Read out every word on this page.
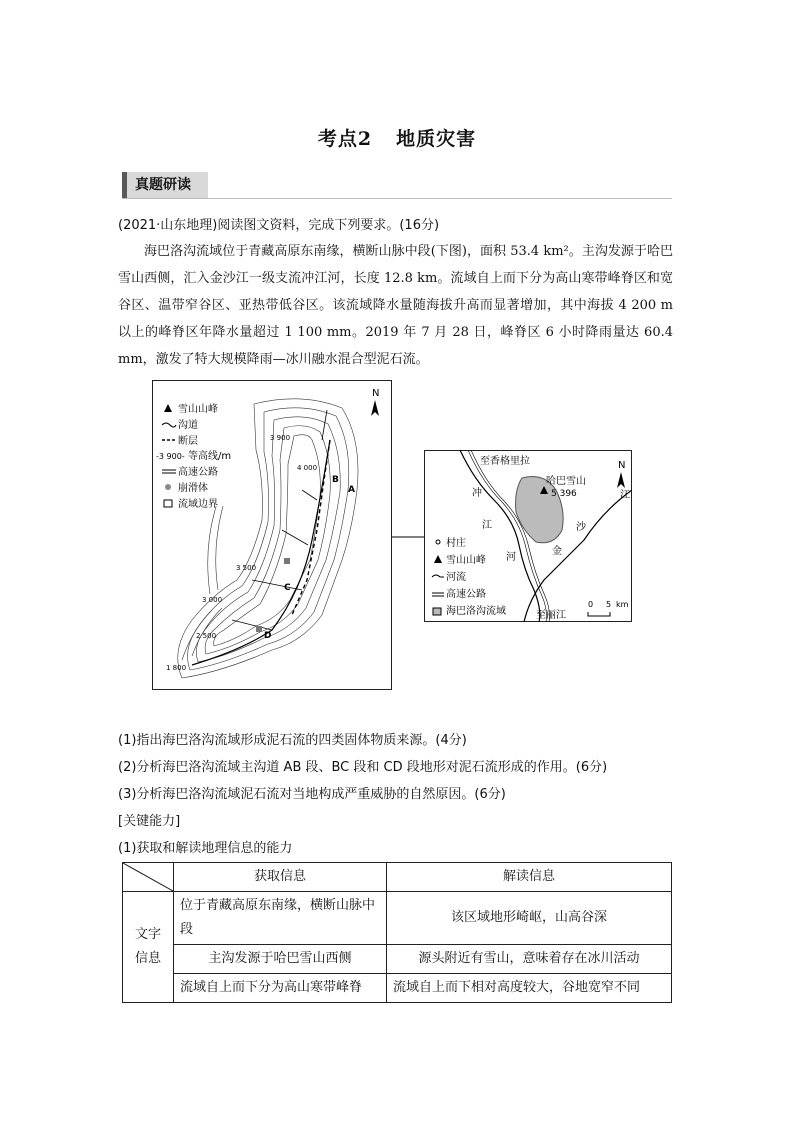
考点2 地质灾害
真题研读
(2021·山东地理)阅读图文资料，完成下列要求。(16分)
海巴洛沟流域位于青藏高原东南缘，横断山脉中段(下图)，面积 53.4 km²。主沟发源于哈巴雪山西侧，汇入金沙江一级支流冲江河，长度 12.8 km。流域自上而下分为高山寒带峰脊区和宽谷区、温带窄谷区、亚热带低谷区。该流域降水量随海拔升高而显著增加，其中海拔 4 200 m 以上的峰脊区年降水量超过 1 100 mm。2019 年 7 月 28 日，峰脊区 6 小时降雨量达 60.4 mm，激发了特大规模降雨—冰川融水混合型泥石流。
雪山山峰
沟道
断层
-3 900- 等高线/m
高速公路
崩滑体
流域边界
N
3 900
4 000
3 500
3 000
2 500
1 800
B
A
C
D
至香格里拉
哈巴雪山
5 396
N
冲
江
河
江
沙
金
至丽江
0 5 km
村庄
雪山山峰
河流
高速公路
海巴洛沟流域
(1)指出海巴洛沟流域形成泥石流的四类固体物质来源。(4分)
(2)分析海巴洛沟流域主沟道 AB 段、BC 段和 CD 段地形对泥石流形成的作用。(6分)
(3)分析海巴洛沟流域泥石流对当地构成严重威胁的自然原因。(6分)
[关键能力]
(1)获取和解读地理信息的能力
	获取信息	解读信息
文字信息	位于青藏高原东南缘，横断山脉中段	该区域地形崎岖，山高谷深
	主沟发源于哈巴雪山西侧	源头附近有雪山，意味着存在冰川活动
	流域自上而下分为高山寒带峰脊	流域自上而下相对高度较大，谷地宽窄不同
